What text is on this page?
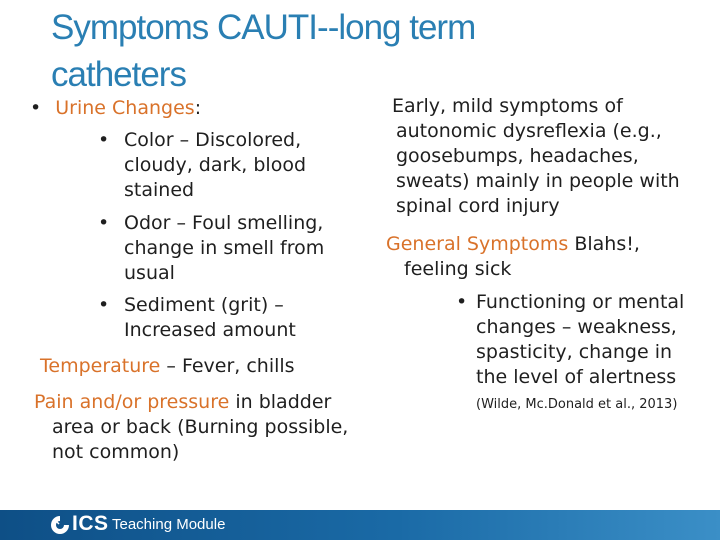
Symptoms CAUTI--long term
catheters
• Urine Changes:
• Color – Discolored,
cloudy, dark, blood
stained
• Odor – Foul smelling,
change in smell from
usual
• Sediment (grit) –
Increased amount
Temperature – Fever, chills
Pain and/or pressure in bladder
area or back (Burning possible,
not common)
Early, mild symptoms of
autonomic dysreflexia (e.g.,
goosebumps, headaches,
sweats) mainly in people with
spinal cord injury
General Symptoms Blahs!,
feeling sick
• Functioning or mental
changes – weakness,
spasticity, change in
the level of alertness
(Wilde, Mc.Donald et al., 2013)
ICS Teaching Module
